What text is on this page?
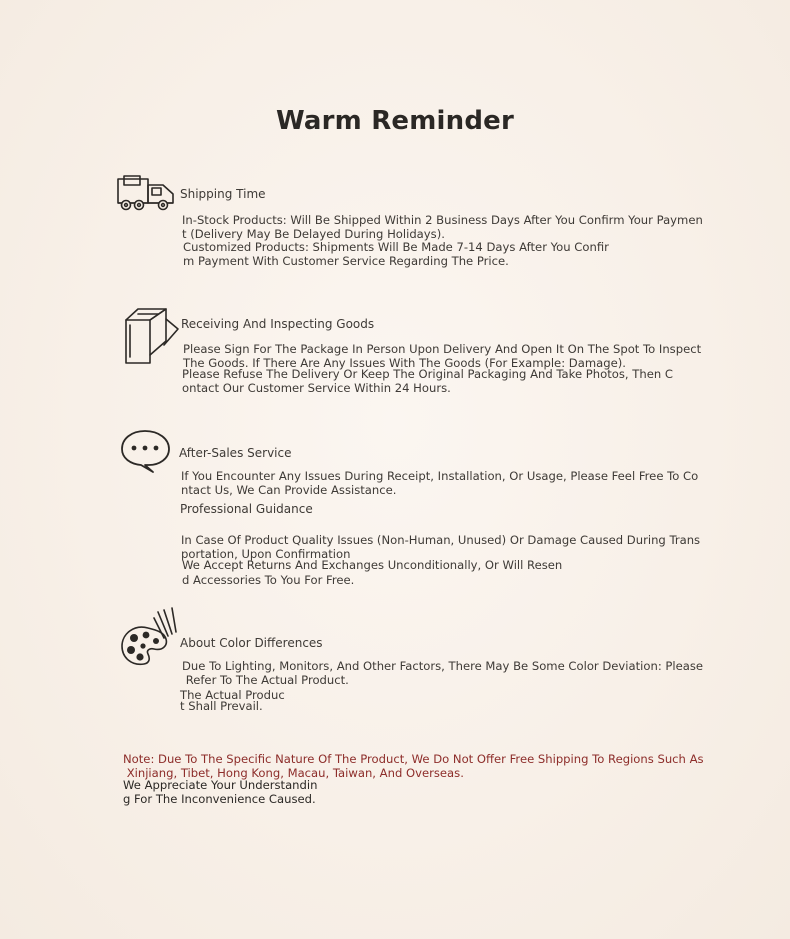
Warm Reminder
Shipping Time
In-Stock Products: Will Be Shipped Within 2 Business Days After You Confirm Your Paymen
t (Delivery May Be Delayed During Holidays).
Customized Products: Shipments Will Be Made 7-14 Days After You Confir
m Payment With Customer Service Regarding The Price.
Receiving And Inspecting Goods
Please Sign For The Package In Person Upon Delivery And Open It On The Spot To Inspect
The Goods. If There Are Any Issues With The Goods (For Example: Damage).
Please Refuse The Delivery Or Keep The Original Packaging And Take Photos, Then C
ontact Our Customer Service Within 24 Hours.
After-Sales Service
If You Encounter Any Issues During Receipt, Installation, Or Usage, Please Feel Free To Co
ntact Us, We Can Provide Assistance.
Professional Guidance
In Case Of Product Quality Issues (Non-Human, Unused) Or Damage Caused During Trans
portation, Upon Confirmation
We Accept Returns And Exchanges Unconditionally, Or Will Resen
d Accessories To You For Free.
About Color Differences
Due To Lighting, Monitors, And Other Factors, There May Be Some Color Deviation: Please
Refer To The Actual Product.
The Actual Produc
t Shall Prevail.
Note: Due To The Specific Nature Of The Product, We Do Not Offer Free Shipping To Regions Such As
Xinjiang, Tibet, Hong Kong, Macau, Taiwan, And Overseas.
We Appreciate Your Understandin
g For The Inconvenience Caused.
